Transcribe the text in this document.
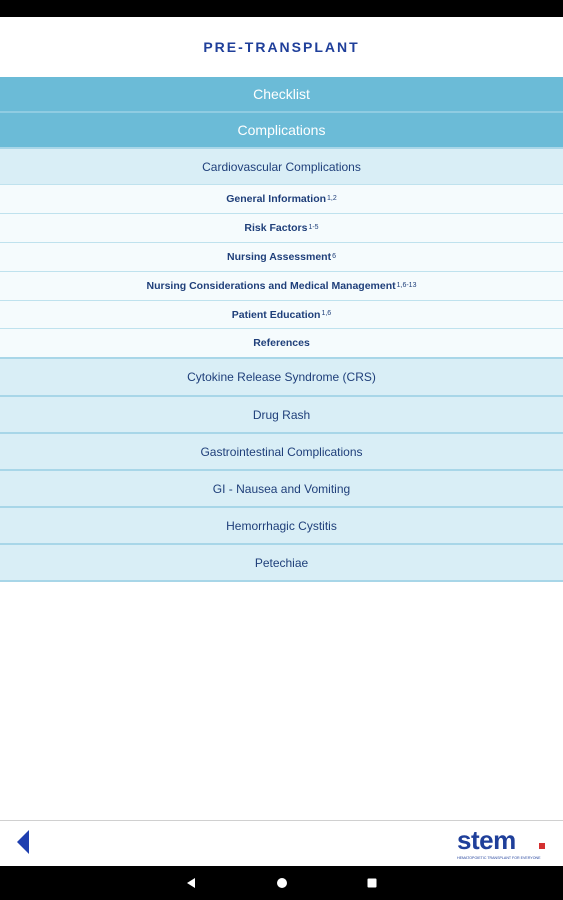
PRE-TRANSPLANT
Checklist
Complications
Cardiovascular Complications
General Information$^{1,2}$
Risk Factors$^{1-5}$
Nursing Assessment$^6$
Nursing Considerations and Medical Management$^{1,6-13}$
Patient Education$^{1,6}$
References
Cytokine Release Syndrome (CRS)
Drug Rash
Gastrointestinal Complications
GI - Nausea and Vomiting
Hemorrhagic Cystitis
Petechiae
stem
HEMATOPOIETIC TRANSPLANT FOR EVERYONE
